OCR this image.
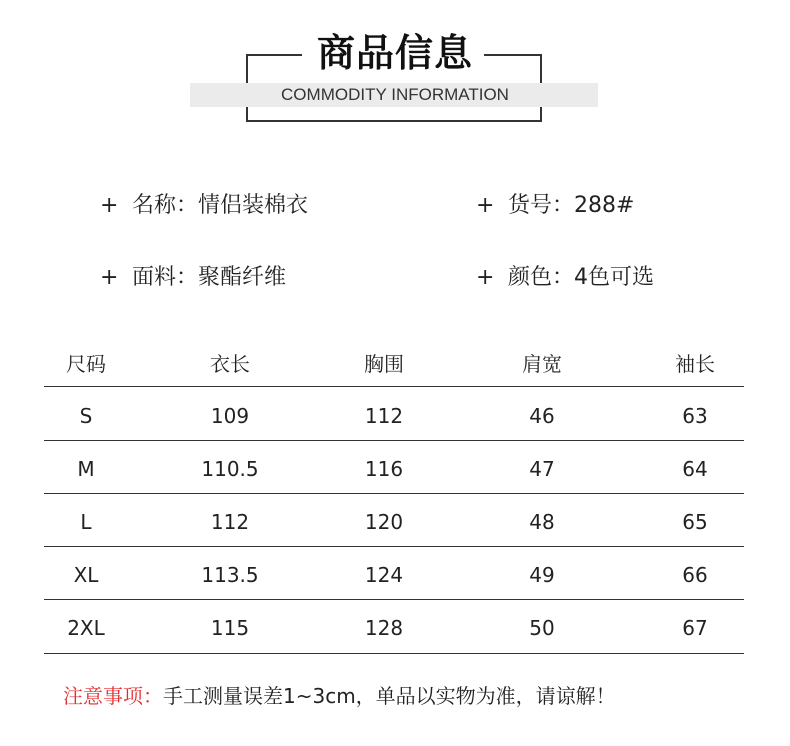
商品信息
COMMODITY INFORMATION
+ 名称：情侣装棉衣	+ 货号：288#
+ 面料：聚酯纤维	+ 颜色：4色可选
尺码	衣长	胸围	肩宽	袖长
S	109	112	46	63
M	110.5	116	47	64
L	112	120	48	65
XL	113.5	124	49	66
2XL	115	128	50	67
注意事项：手工测量误差1~3cm，单品以实物为准，请谅解！
